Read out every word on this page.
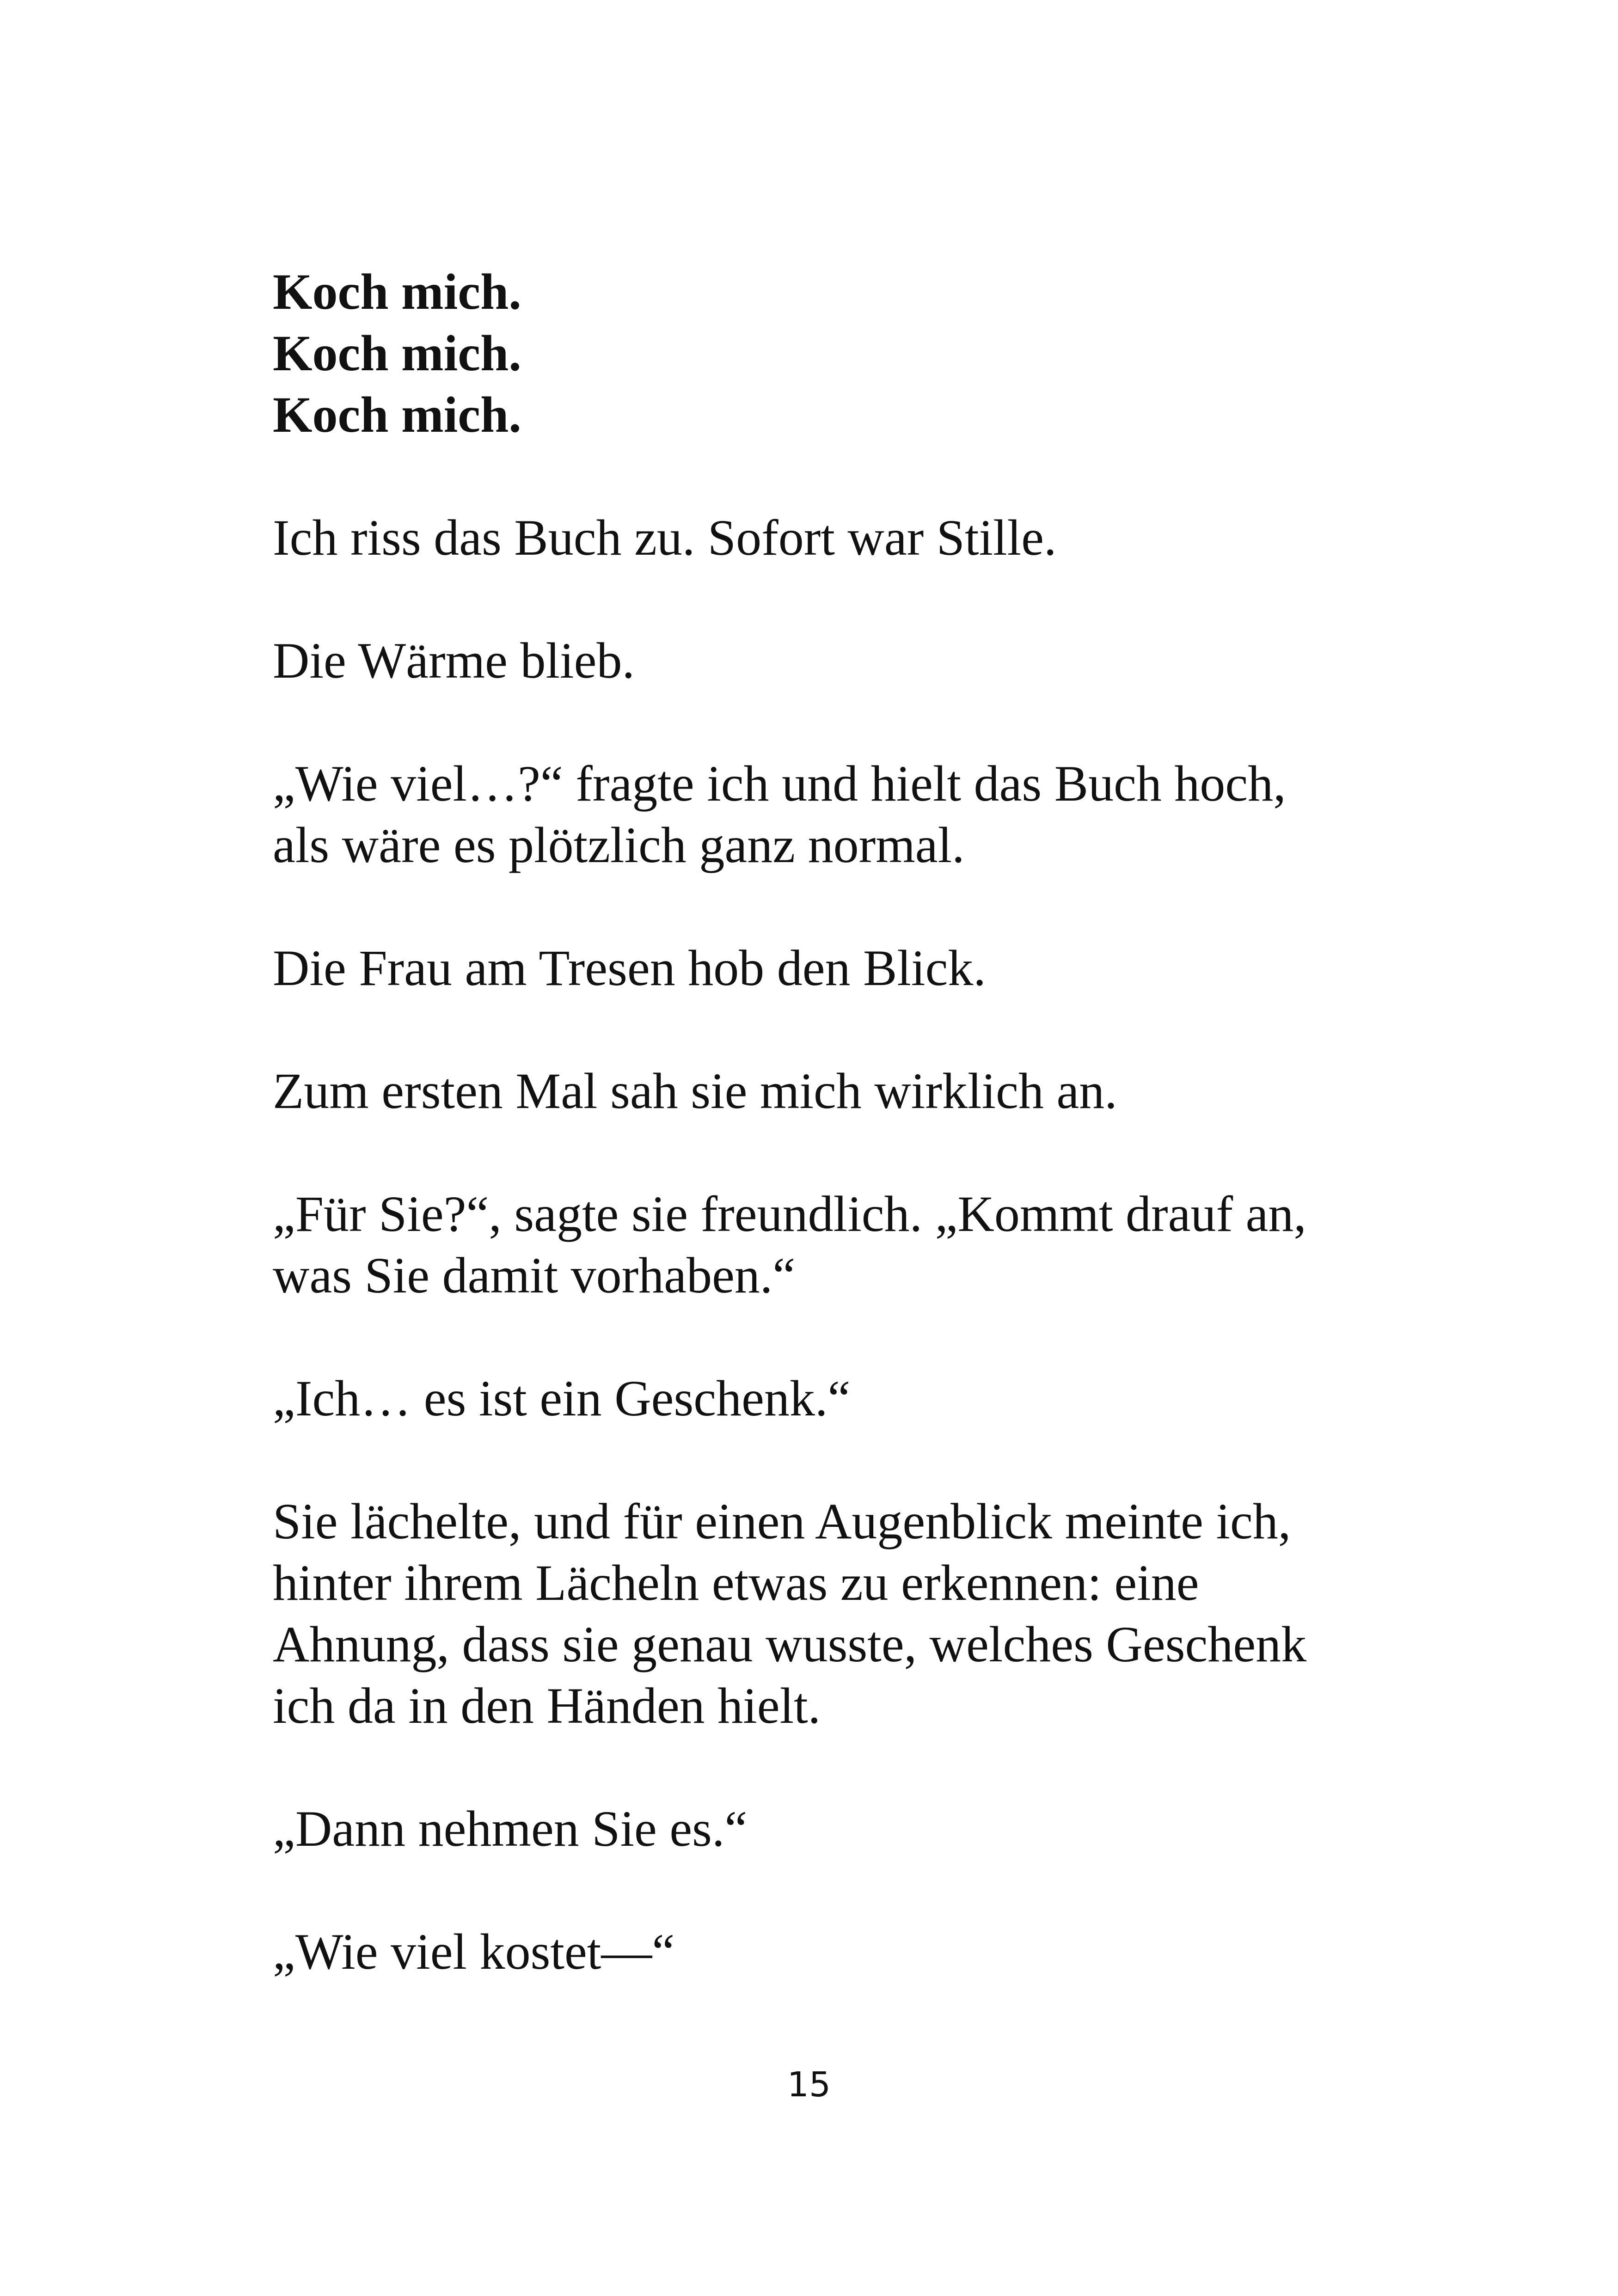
Koch mich.
Koch mich.
Koch mich.

Ich riss das Buch zu. Sofort war Stille.

Die Wärme blieb.

„Wie viel…?“ fragte ich und hielt das Buch hoch,
als wäre es plötzlich ganz normal.

Die Frau am Tresen hob den Blick.

Zum ersten Mal sah sie mich wirklich an.

„Für Sie?“, sagte sie freundlich. „Kommt drauf an,
was Sie damit vorhaben.“

„Ich… es ist ein Geschenk.“

Sie lächelte, und für einen Augenblick meinte ich,
hinter ihrem Lächeln etwas zu erkennen: eine
Ahnung, dass sie genau wusste, welches Geschenk
ich da in den Händen hielt.

„Dann nehmen Sie es.“

„Wie viel kostet—“

15
